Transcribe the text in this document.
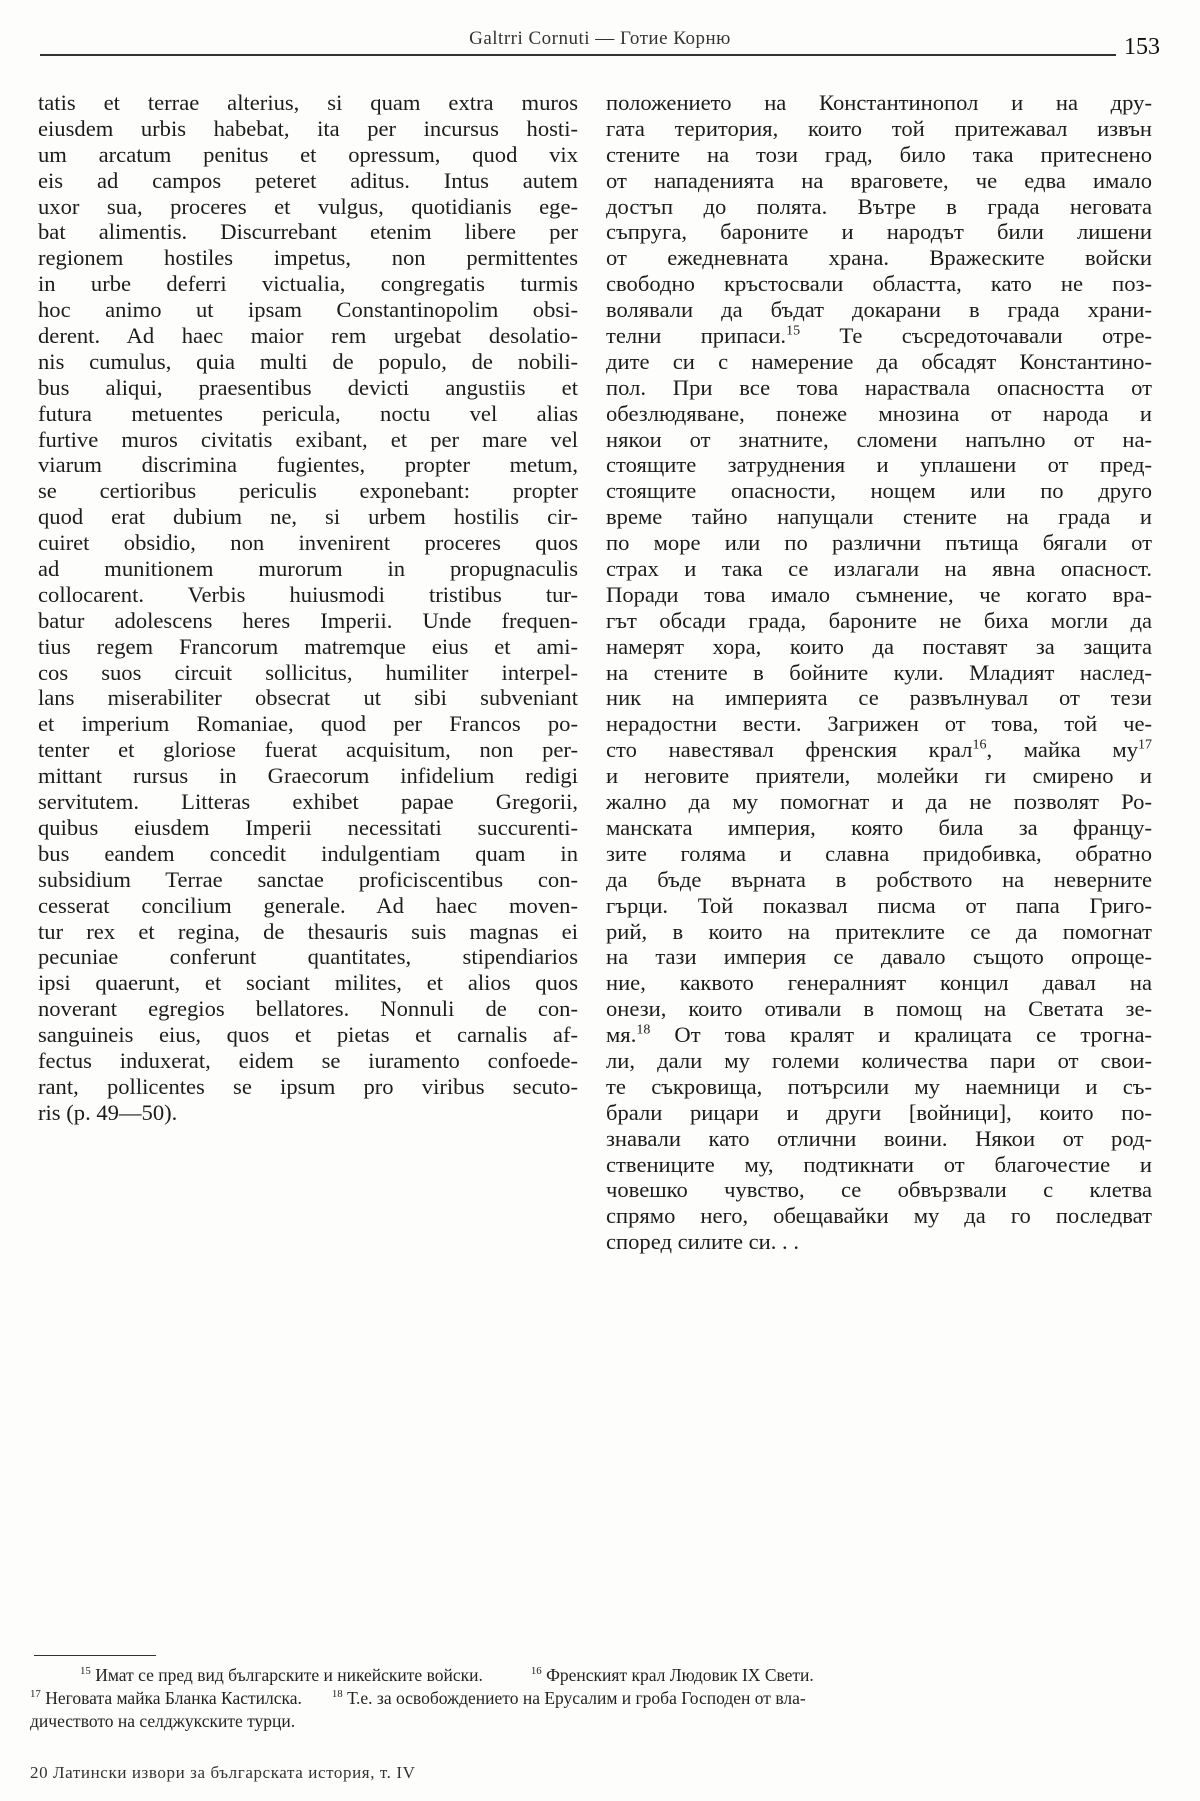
Galtrri Cornuti — Готие Корню	153
tatis et terrae alterius, si quam extra muros
eiusdem urbis habebat, ita per incursus hosti-
um arcatum penitus et opressum, quod vix
eis ad campos peteret aditus. Intus autem
uxor sua, proceres et vulgus, quotidianis ege-
bat alimentis. Discurrebant etenim libere per
regionem hostiles impetus, non permittentes
in urbe deferri victualia, congregatis turmis
hoc animo ut ipsam Constantinopolim obsi-
derent. Ad haec maior rem urgebat desolatio-
nis cumulus, quia multi de populo, de nobili-
bus aliqui, praesentibus devicti angustiis et
futura metuentes pericula, noctu vel alias
furtive muros civitatis exibant, et per mare vel
viarum discrimina fugientes, propter metum,
se certioribus periculis exponebant: propter
quod erat dubium ne, si urbem hostilis cir-
cuiret obsidio, non invenirent proceres quos
ad munitionem murorum in propugnaculis
collocarent. Verbis huiusmodi tristibus tur-
batur adolescens heres Imperii. Unde frequen-
tius regem Francorum matremque eius et ami-
cos suos circuit sollicitus, humiliter interpel-
lans miserabiliter obsecrat ut sibi subveniant
et imperium Romaniae, quod per Francos po-
tenter et gloriose fuerat acquisitum, non per-
mittant rursus in Graecorum infidelium redigi
servitutem. Litteras exhibet papae Gregorii,
quibus eiusdem Imperii necessitati succurenti-
bus eandem concedit indulgentiam quam in
subsidium Terrae sanctae proficiscentibus con-
cesserat concilium generale. Ad haec moven-
tur rex et regina, de thesauris suis magnas ei
pecuniae conferunt quantitates, stipendiarios
ipsi quaerunt, et sociant milites, et alios quos
noverant egregios bellatores. Nonnuli de con-
sanguineis eius, quos et pietas et carnalis af-
fectus induxerat, eidem se iuramento confoede-
rant, pollicentes se ipsum pro viribus secuto-
ris (p. 49—50).
положението на Константинопол и на дру-
гата територия, които той притежавал извън
стените на този град, било така притеснено
от нападенията на враговете, че едва имало
достъп до полята. Вътре в града неговата
съпруга, бароните и народът били лишени
от ежедневната храна. Вражеските войски
свободно кръстосвали областта, като не поз-
волявали да бъдат докарани в града храни-
телни припаси.$^{15}$ Те съсредоточавали отре-
дите си с намерение да обсадят Константино-
пол. При все това нараствала опасността от
обезлюдяване, понеже мнозина от народа и
някои от знатните, сломени напълно от на-
стоящите затруднения и уплашени от пред-
стоящите опасности, нощем или по друго
време тайно напущали стените на града и
по море или по различни пътища бягали от
страх и така се излагали на явна опасност.
Поради това имало съмнение, че когато вра-
гът обсади града, бароните не биха могли да
намерят хора, които да поставят за защита
на стените в бойните кули. Младият наслед-
ник на империята се развълнувал от тези
нерадостни вести. Загрижен от това, той че-
сто навестявал френския крал$^{16}$, майка $му^{17}$
и неговите приятели, молейки ги смирено и
жално да му помогнат и да не позволят Ро-
манската империя, която била за францу-
зите голяма и славна придобивка, обратно
да бъде върната в робството на неверните
гърци. Той показвал писма от папа Григо-
рий, в които на притеклите се да помогнат
на тази империя се давало същото опроще-
ние, каквото генералният концил давал на
онези, които отивали в помощ на Светата зе-
мя.$^{18}$ От това кралят и кралицата се трогна-
ли, дали му големи количества пари от свои-
те съкровища, потърсили му наемници и съ-
брали рицари и други [войници], които по-
знавали като отлични воини. Някои от род-
ствениците му, подтикнати от благочестие и
човешко чувство, се обвързвали с клетва
спрямо него, обещавайки му да го последват
според силите си. . .
$^{15}$ Имат се пред вид българските и никейските войски.	$^{16}$ Френският крал Людовик IX Свети.
$^{17}$ Неговата майка Бланка Кастилска.	$^{18}$ Т.е. за освобождението на Ерусалим и гроба Господен от вла-
дичеството на селджукските турци.
20 Латински извори за българската история, т. IV
